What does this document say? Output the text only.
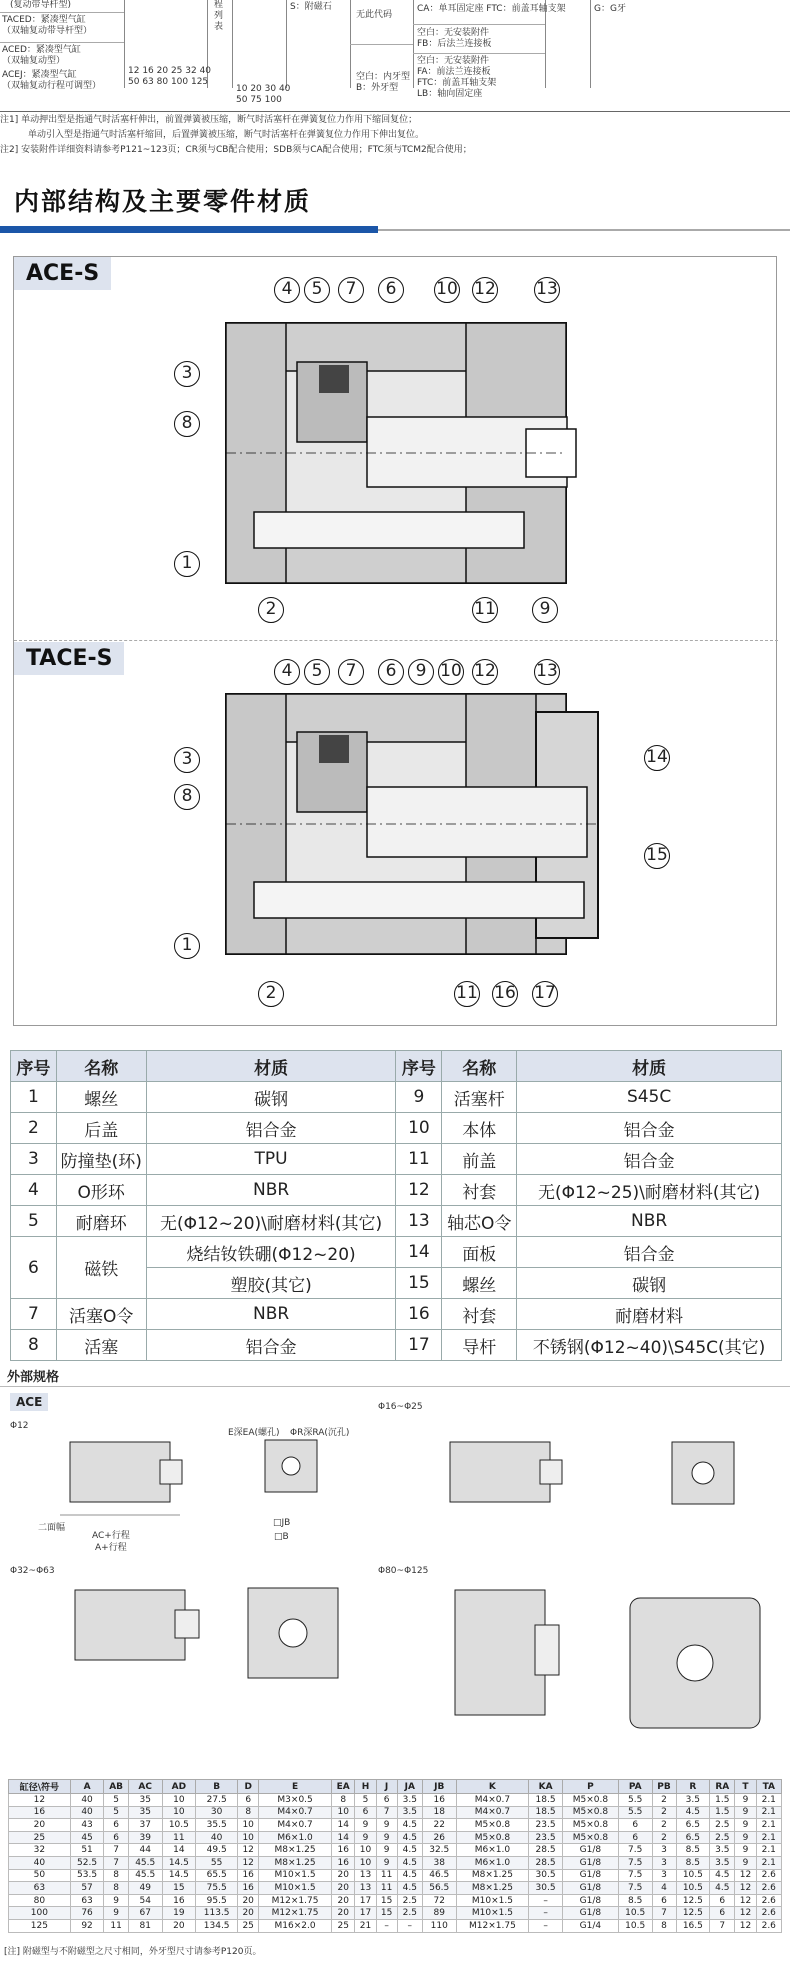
(复动带导杆型)
TACED：紧凑型气缸
（双轴复动带导杆型）
ACED：紧凑型气缸
（双轴复动型）
ACEJ：紧凑型气缸
（双轴复动行程可调型）
12 16 20 25 32 40
50 63 80 100 125
程
列
表
10 20 30 40
50 75 100
S：附磁石
无此代码
空白：内牙型
B：外牙型
CA：单耳固定座 FTC：前盖耳轴支架
空白：无安装附件
FB：后法兰连接板
空白：无安装附件
FA：前法兰连接板
FTC：前盖耳轴支架
LB：轴向固定座
G：G牙
注1] 单动押出型是指通气时活塞杆伸出，前置弹簧被压缩，断气时活塞杆在弹簧复位力作用下缩回复位；
单动引入型是指通气时活塞杆缩回，后置弹簧被压缩，断气时活塞杆在弹簧复位力作用下伸出复位。
注2] 安装附件详细资料请参考P121~123页；CR须与CB配合使用；SDB须与CA配合使用；FTC须与TCM2配合使用；
内部结构及主要零件材质
ACE-S
TACE-S
4	5	7	6	10 12 13
3
8
1
2	11	9
4	5	7	6	9 10 12 13
3
8
14
15
1
2	11 16 17
序号	名称	材质	序号	名称	材质
1	螺丝	碳钢	9	活塞杆	S45C
2	后盖	铝合金	10	本体	铝合金
3	防撞垫(环)	TPU	11	前盖	铝合金
4	O形环	NBR	12	衬套	无(Φ12~25)\耐磨材料(其它)
5	耐磨环	无(Φ12~20)\耐磨材料(其它)	13	轴芯O令	NBR
6	磁铁	烧结钕铁硼(Φ12~20)	14	面板	铝合金
		塑胶(其它)	15	螺丝	碳钢
7	活塞O令	NBR	16	衬套	耐磨材料
8	活塞	铝合金	17	导杆	不锈钢(Φ12~40)\S45C(其它)
外部规格
ACE
Φ12
Φ16~Φ25
Φ32~Φ63	Φ80~Φ125
E深EA(螺孔) ΦR深RA(沉孔)
二面幅
AC+行程
A+行程
□JB
□B
缸径\符号	A	AB	AC	AD	B	D	E	EA	H	J	JA	JB	K	KA	P	PA	PB	R	RA	T	TA
12	40	5	35	10	27.5	6	M3×0.5	8	5	6	3.5	16	M4×0.7	18.5	M5×0.8	5.5	2	3.5	1.5	9	2.1
16	40	5	35	10	30	8	M4×0.7	10	6	7	3.5	18	M4×0.7	18.5	M5×0.8	5.5	2	4.5	1.5	9	2.1
20	43	6	37	10.5	35.5	10	M4×0.7	14	9	9	4.5	22	M5×0.8	23.5	M5×0.8	6	2	6.5	2.5	9	2.1
25	45	6	39	11	40	10	M6×1.0	14	9	9	4.5	26	M5×0.8	23.5	M5×0.8	6	2	6.5	2.5	9	2.1
32	51	7	44	14	49.5	12	M8×1.25	16	10	9	4.5	32.5	M6×1.0	28.5	G1/8	7.5	3	8.5	3.5	9	2.1
40	52.5	7	45.5	14.5	55	12	M8×1.25	16	10	9	4.5	38	M6×1.0	28.5	G1/8	7.5	3	8.5	3.5	9	2.1
50	53.5	8	45.5	14.5	65.5	16	M10×1.5	20	13	11	4.5	46.5	M8×1.25	30.5	G1/8	7.5	3	10.5	4.5	12	2.6
63	57	8	49	15	75.5	16	M10×1.5	20	13	11	4.5	56.5	M8×1.25	30.5	G1/8	7.5	4	10.5	4.5	12	2.6
80	63	9	54	16	95.5	20	M12×1.75	20	17	15	2.5	72	M10×1.5	–	G1/8	8.5	6	12.5	6	12	2.6
100	76	9	67	19	113.5	20	M12×1.75	20	17	15	2.5	89	M10×1.5	–	G1/8	10.5	7	12.5	6	12	2.6
125	92	11	81	20	134.5	25	M16×2.0	25	21	–	–	110	M12×1.75	–	G1/4	10.5	8	16.5	7	12	2.6
[注] 附磁型与不附磁型之尺寸相同，外牙型尺寸请参考P120页。
